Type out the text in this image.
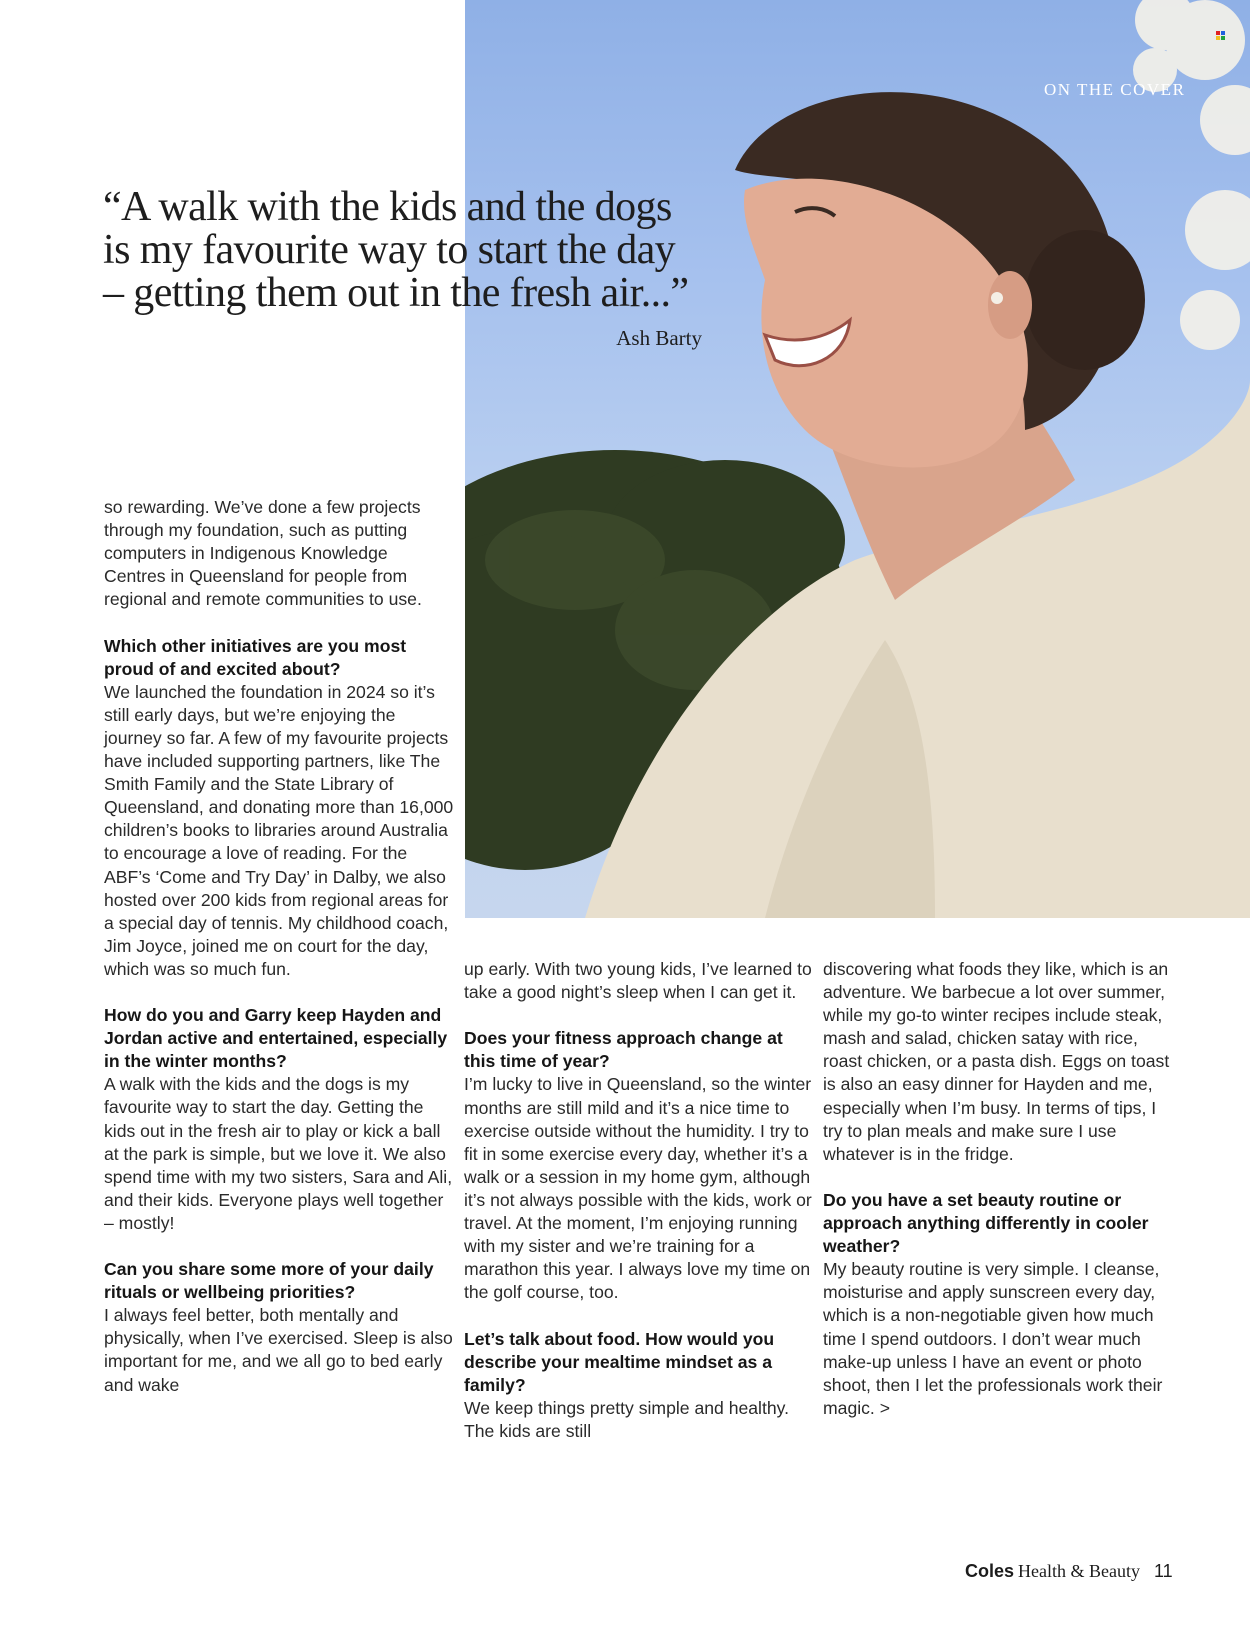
ON THE COVER
“A walk with the kids and the dogs
is my favourite way to start the day
– getting them out in the fresh air...”
Ash Barty

so rewarding. We’ve done a few projects through my foundation, such as putting computers in Indigenous Knowledge Centres in Queensland for people from regional and remote communities to use.

Which other initiatives are you most proud of and excited about?
We launched the foundation in 2024 so it’s still early days, but we’re enjoying the journey so far. A few of my favourite projects have included supporting partners, like The Smith Family and the State Library of Queensland, and donating more than 16,000 children’s books to libraries around Australia to encourage a love of reading. For the ABF’s ‘Come and Try Day’ in Dalby, we also hosted over 200 kids from regional areas for a special day of tennis. My childhood coach, Jim Joyce, joined me on court for the day, which was so much fun.

How do you and Garry keep Hayden and Jordan active and entertained, especially in the winter months?
A walk with the kids and the dogs is my favourite way to start the day. Getting the kids out in the fresh air to play or kick a ball at the park is simple, but we love it. We also spend time with my two sisters, Sara and Ali, and their kids. Everyone plays well together – mostly!

Can you share some more of your daily rituals or wellbeing priorities?
I always feel better, both mentally and physically, when I’ve exercised. Sleep is also important for me, and we all go to bed early and wake

up early. With two young kids, I’ve learned to take a good night’s sleep when I can get it.

Does your fitness approach change at this time of year?
I’m lucky to live in Queensland, so the winter months are still mild and it’s a nice time to exercise outside without the humidity. I try to fit in some exercise every day, whether it’s a walk or a session in my home gym, although it’s not always possible with the kids, work or travel. At the moment, I’m enjoying running with my sister and we’re training for a marathon this year. I always love my time on the golf course, too.

Let’s talk about food. How would you describe your mealtime mindset as a family?
We keep things pretty simple and healthy. The kids are still

discovering what foods they like, which is an adventure. We barbecue a lot over summer, while my go-to winter recipes include steak, mash and salad, chicken satay with rice, roast chicken, or a pasta dish. Eggs on toast is also an easy dinner for Hayden and me, especially when I’m busy. In terms of tips, I try to plan meals and make sure I use whatever is in the fridge.

Do you have a set beauty routine or approach anything differently in cooler weather?
My beauty routine is very simple. I cleanse, moisturise and apply sunscreen every day, which is a non-negotiable given how much time I spend outdoors. I don’t wear much make-up unless I have an event or photo shoot, then I let the professionals work their magic. >

Coles Health & Beauty 11
